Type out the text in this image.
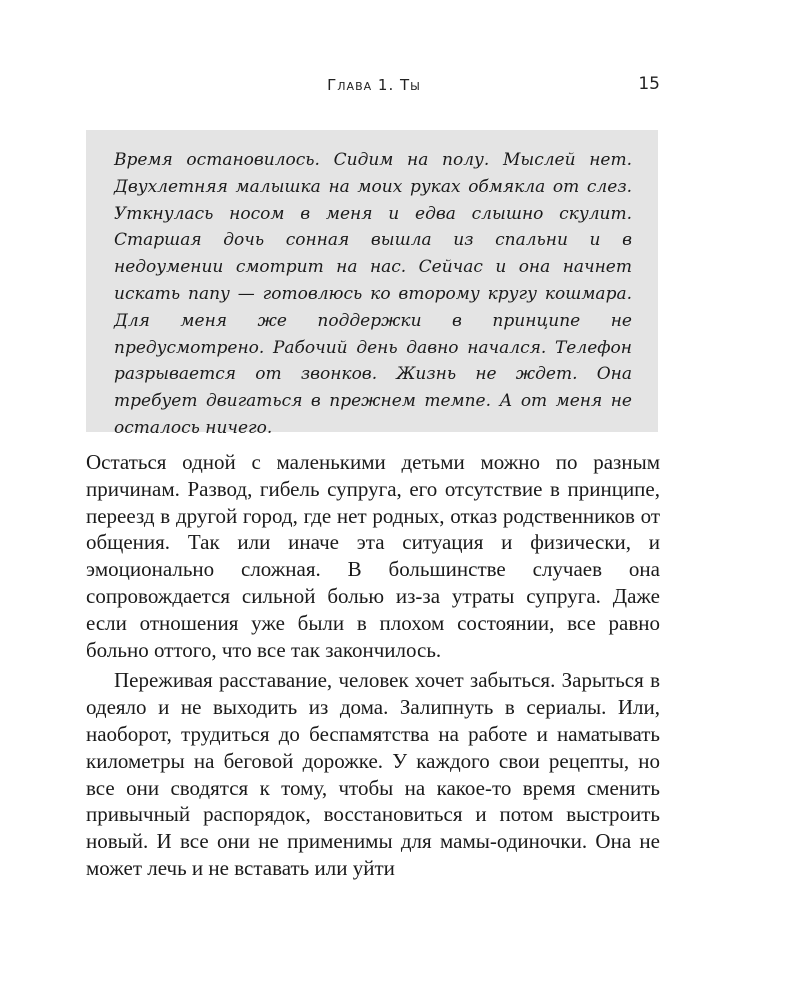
Глава 1. Ты	15

Время остановилось. Сидим на полу. Мыслей нет. Двухлетняя малышка на моих руках обмякла от слез. Уткнулась носом в меня и едва слышно скулит. Старшая дочь сонная вышла из спальни и в недоумении смотрит на нас. Сейчас и она начнет искать папу — готовлюсь ко второму кругу кошмара. Для меня же поддержки в принципе не предусмотрено. Рабочий день давно начался. Телефон разрывается от звонков. Жизнь не ждет. Она требует двигаться в прежнем темпе. А от меня не осталось ничего.

Остаться одной с маленькими детьми можно по разным причинам. Развод, гибель супруга, его отсутствие в принципе, переезд в другой город, где нет родных, отказ родственников от общения. Так или иначе эта ситуация и физически, и эмоционально сложная. В большинстве случаев она сопровождается сильной болью из-за утраты супруга. Даже если отношения уже были в плохом состоянии, все равно больно оттого, что все так закончилось.

Переживая расставание, человек хочет забыться. Зарыться в одеяло и не выходить из дома. Залипнуть в сериалы. Или, наоборот, трудиться до беспамятства на работе и наматывать километры на беговой дорожке. У каждого свои рецепты, но все они сводятся к тому, чтобы на какое-то время сменить привычный распорядок, восстановиться и потом выстроить новый. И все они не применимы для мамы-одиночки. Она не может лечь и не вставать или уйти
